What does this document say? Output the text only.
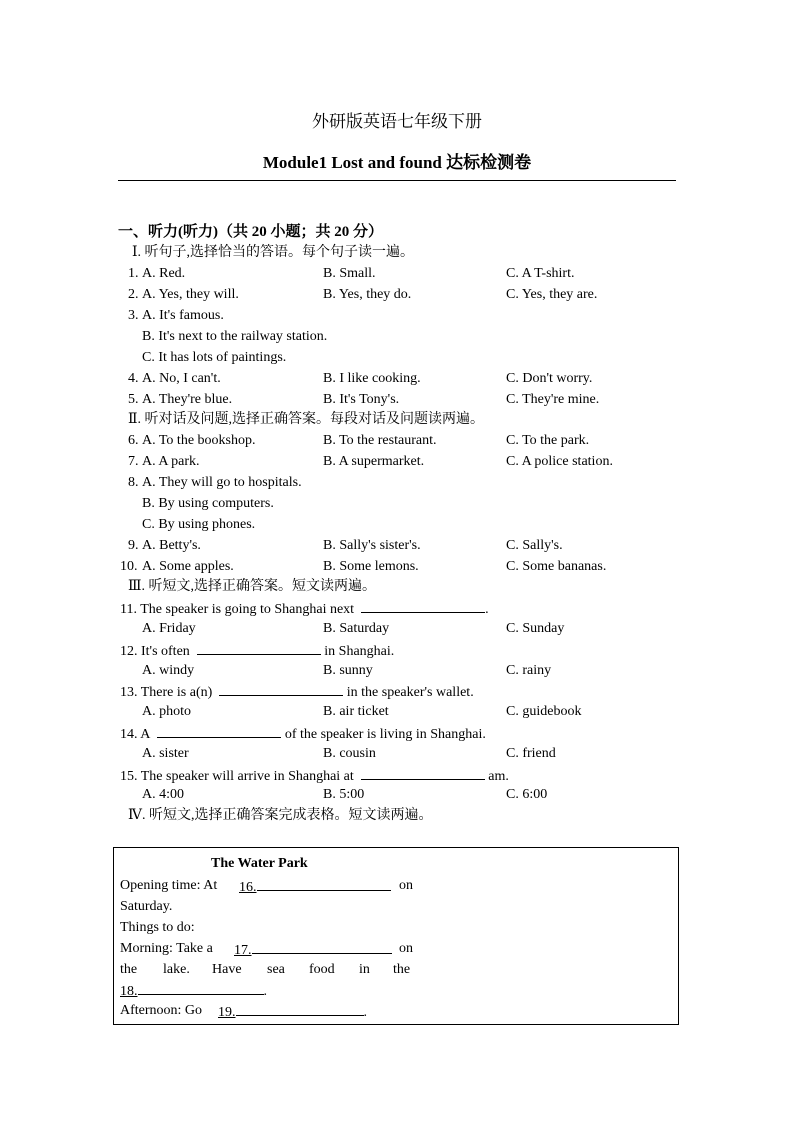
外研版英语七年级下册
Module1 Lost and found 达标检测卷
一、听力(听力)（共 20 小题；共 20 分）
Ⅰ. 听句子,选择恰当的答语。每个句子读一遍。
1. A. Red.	B. Small.	C. A T-shirt.
2. A. Yes, they will.	B. Yes, they do.	C. Yes, they are.
3. A. It's famous.
B. It's next to the railway station.
C. It has lots of paintings.
4. A. No, I can't.	B. I like cooking.	C. Don't worry.
5. A. They're blue.	B. It's Tony's.	C. They're mine.
Ⅱ. 听对话及问题,选择正确答案。每段对话及问题读两遍。
6. A. To the bookshop.	B. To the restaurant.	C. To the park.
7. A. A park.	B. A supermarket.	C. A police station.
8. A. They will go to hospitals.
B. By using computers.
C. By using phones.
9. A. Betty's.	B. Sally's sister's.	C. Sally's.
10. A. Some apples.	B. Some lemons.	C. Some bananas.
Ⅲ. 听短文,选择正确答案。短文读两遍。
11. The speaker is going to Shanghai next	.
A. Friday	B. Saturday	C. Sunday
12. It's often	in Shanghai.
A. windy	B. sunny	C. rainy
13. There is a(n)	in the speaker's wallet.
A. photo	B. air ticket	C. guidebook
14. A	of the speaker is living in Shanghai.
A. sister	B. cousin	C. friend
15. The speaker will arrive in Shanghai at	am.
A. 4:00	B. 5:00	C. 6:00
Ⅳ. 听短文,选择正确答案完成表格。短文读两遍。
The Water Park
Opening time: At 16.	on
Saturday.
Things to do:
Morning: Take a 17.	on
the lake. Have sea food in the
18.	.
Afternoon: Go 19.	.
